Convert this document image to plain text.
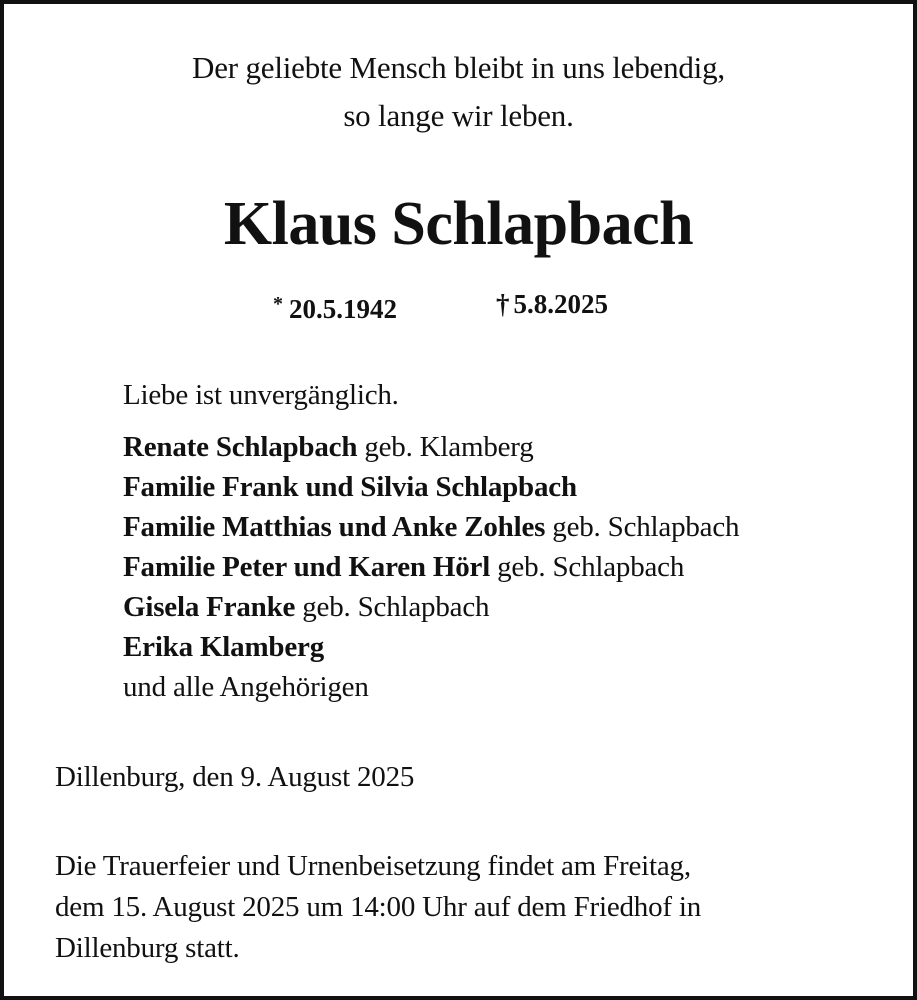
Der geliebte Mensch bleibt in uns lebendig,
so lange wir leben.
Klaus Schlapbach
* 20.5.1942	† 5.8.2025
Liebe ist unvergänglich.
Renate Schlapbach geb. Klamberg
Familie Frank und Silvia Schlapbach
Familie Matthias und Anke Zohles geb. Schlapbach
Familie Peter und Karen Hörl geb. Schlapbach
Gisela Franke geb. Schlapbach
Erika Klamberg
und alle Angehörigen
Dillenburg, den 9. August 2025
Die Trauerfeier und Urnenbeisetzung findet am Freitag,
dem 15. August 2025 um 14:00 Uhr auf dem Friedhof in
Dillenburg statt.
